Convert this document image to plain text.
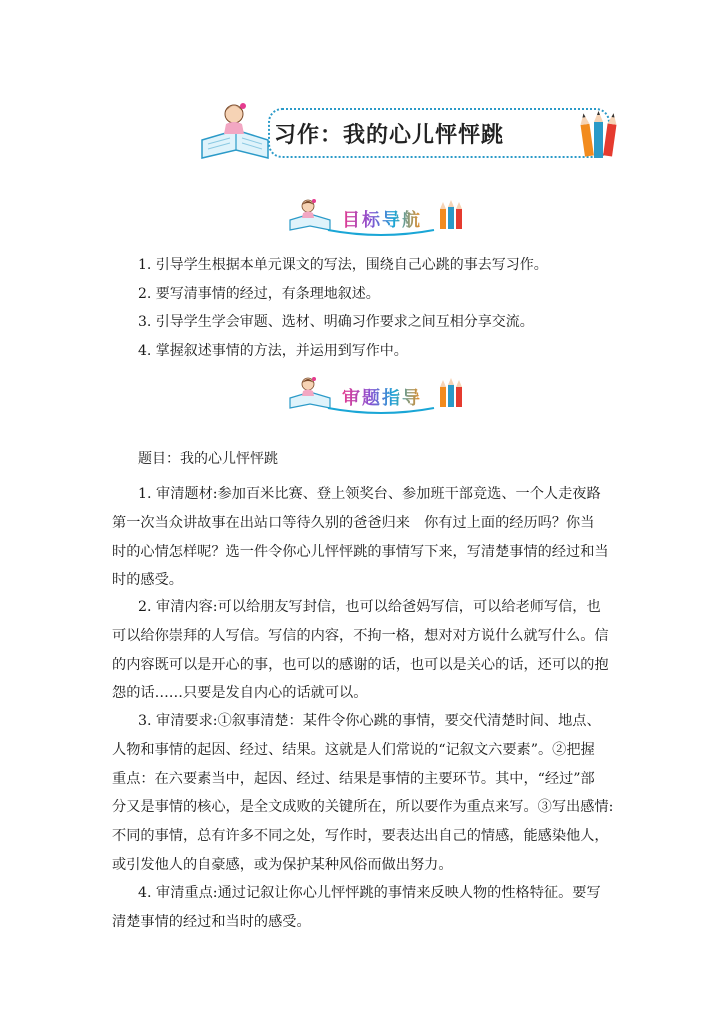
习作：我的心儿怦怦跳
目标导航
1. 引导学生根据本单元课文的写法，围绕自己心跳的事去写习作。
2. 要写清事情的经过，有条理地叙述。
3. 引导学生学会审题、选材、明确习作要求之间互相分享交流。
4. 掌握叙述事情的方法，并运用到写作中。
审题指导
题目：我的心儿怦怦跳
1. 审清题材:参加百米比赛、登上领奖台、参加班干部竞选、一个人走夜路
第一次当众讲故事在出站口等待久别的爸爸归来　你有过上面的经历吗？你当
时的心情怎样呢？选一件令你心儿怦怦跳的事情写下来，写清楚事情的经过和当
时的感受。
2. 审清内容:可以给朋友写封信，也可以给爸妈写信，可以给老师写信，也
可以给你崇拜的人写信。写信的内容，不拘一格，想对对方说什么就写什么。信
的内容既可以是开心的事，也可以的感谢的话，也可以是关心的话，还可以的抱
怨的话……只要是发自内心的话就可以。
3. 审清要求:①叙事清楚：某件令你心跳的事情，要交代清楚时间、地点、
人物和事情的起因、经过、结果。这就是人们常说的“记叙文六要素”。②把握
重点：在六要素当中，起因、经过、结果是事情的主要环节。其中，“经过”部
分又是事情的核心，是全文成败的关键所在，所以要作为重点来写。③写出感情:
不同的事情，总有许多不同之处，写作时，要表达出自己的情感，能感染他人，
或引发他人的自豪感，或为保护某种风俗而做出努力。
4. 审清重点:通过记叙让你心儿怦怦跳的事情来反映人物的性格特征。要写
清楚事情的经过和当时的感受。
